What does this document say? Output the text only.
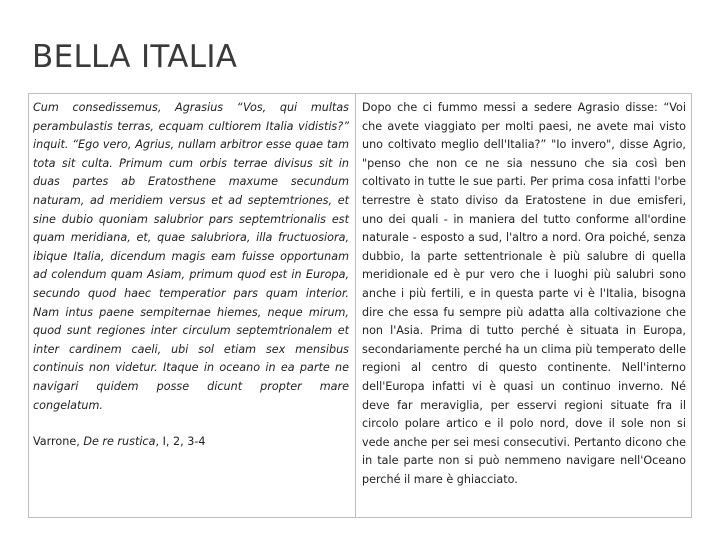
BELLA ITALIA

Cum consedissemus, Agrasius “Vos, qui multas perambulastis terras, ecquam cultiorem Italia vidistis?” inquit. “Ego vero, Agrius, nullam arbitror esse quae tam tota sit culta. Primum cum orbis terrae divisus sit in duas partes ab Eratosthene maxume secundum naturam, ad meridiem versus et ad septemtriones, et sine dubio quoniam salubrior pars septemtrionalis est quam meridiana, et, quae salubriora, illa fructuosiora, ibique Italia, dicendum magis eam fuisse opportunam ad colendum quam Asiam, primum quod est in Europa, secundo quod haec temperatior pars quam interior. Nam intus paene sempiternae hiemes, neque mirum, quod sunt regiones inter circulum septemtrionalem et inter cardinem caeli, ubi sol etiam sex mensibus continuis non videtur. Itaque in oceano in ea parte ne navigari quidem posse dicunt propter mare congelatum.

Varrone, De re rustica, I, 2, 3-4

Dopo che ci fummo messi a sedere Agrasio disse: “Voi che avete viaggiato per molti paesi, ne avete mai visto uno coltivato meglio dell'Italia?” "Io invero", disse Agrio, "penso che non ce ne sia nessuno che sia così ben coltivato in tutte le sue parti. Per prima cosa infatti l'orbe terrestre è stato diviso da Eratostene in due emisferi, uno dei quali - in maniera del tutto conforme all'ordine naturale - esposto a sud, l'altro a nord. Ora poiché, senza dubbio, la parte settentrionale è più salubre di quella meridionale ed è pur vero che i luoghi più salubri sono anche i più fertili, e in questa parte vi è l'Italia, bisogna dire che essa fu sempre più adatta alla coltivazione che non l'Asia. Prima di tutto perché è situata in Europa, secondariamente perché ha un clima più temperato delle regioni al centro di questo continente. Nell'interno dell'Europa infatti vi è quasi un continuo inverno. Né deve far meraviglia, per esservi regioni situate fra il circolo polare artico e il polo nord, dove il sole non si vede anche per sei mesi consecutivi. Pertanto dicono che in tale parte non si può nemmeno navigare nell'Oceano perché il mare è ghiacciato.
